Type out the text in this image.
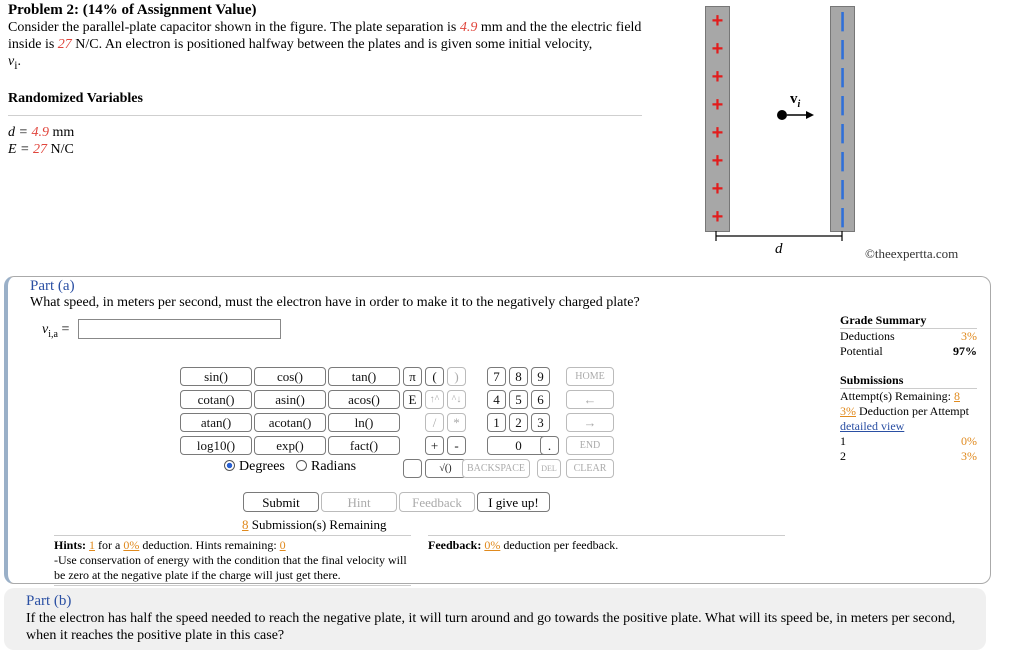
Problem 2: (14% of Assignment Value)
Consider the parallel-plate capacitor shown in the figure. The plate separation is 4.9 mm and the the electric field inside is 27 N/C. An electron is positioned halfway between the plates and is given some initial velocity,
$v_i$.
Randomized Variables
d = 4.9 mm
E = 27 N/C
+
+
+
+
+
+
+
+
|
|
|
|
|
|
|
|
$v_i$
d	©theexpertta.com
Part (a)
What speed, in meters per second, must the electron have in order to make it to the negatively charged plate?
$v_{i,a}$ =
sin()	cos()	tan()
cotan()	asin()	acos()
atan()	acotan()	ln()
log10()	exp()	fact()
Degrees	Radians
π	(	)
E	↑^	^↓
/	*
+	-
√()
7	8	9
4	5	6
1	2	3
0	.
HOME
←
→
END
BACKSPACE	DEL	CLEAR
Submit	Hint	Feedback	I give up!
8 Submission(s) Remaining
Hints: 1 for a 0% deduction. Hints remaining: 0
-Use conservation of energy with the condition that the final velocity will be zero at the negative plate if the charge will just get there.
Feedback: 0% deduction per feedback.
Grade Summary
Deductions	3%
Potential	97%
Submissions
Attempt(s) Remaining: 8
3% Deduction per Attempt
detailed view
1	0%
2	3%
Part (b)
If the electron has half the speed needed to reach the negative plate, it will turn around and go towards the positive plate. What will its speed be, in meters per second, when it reaches the positive plate in this case?
